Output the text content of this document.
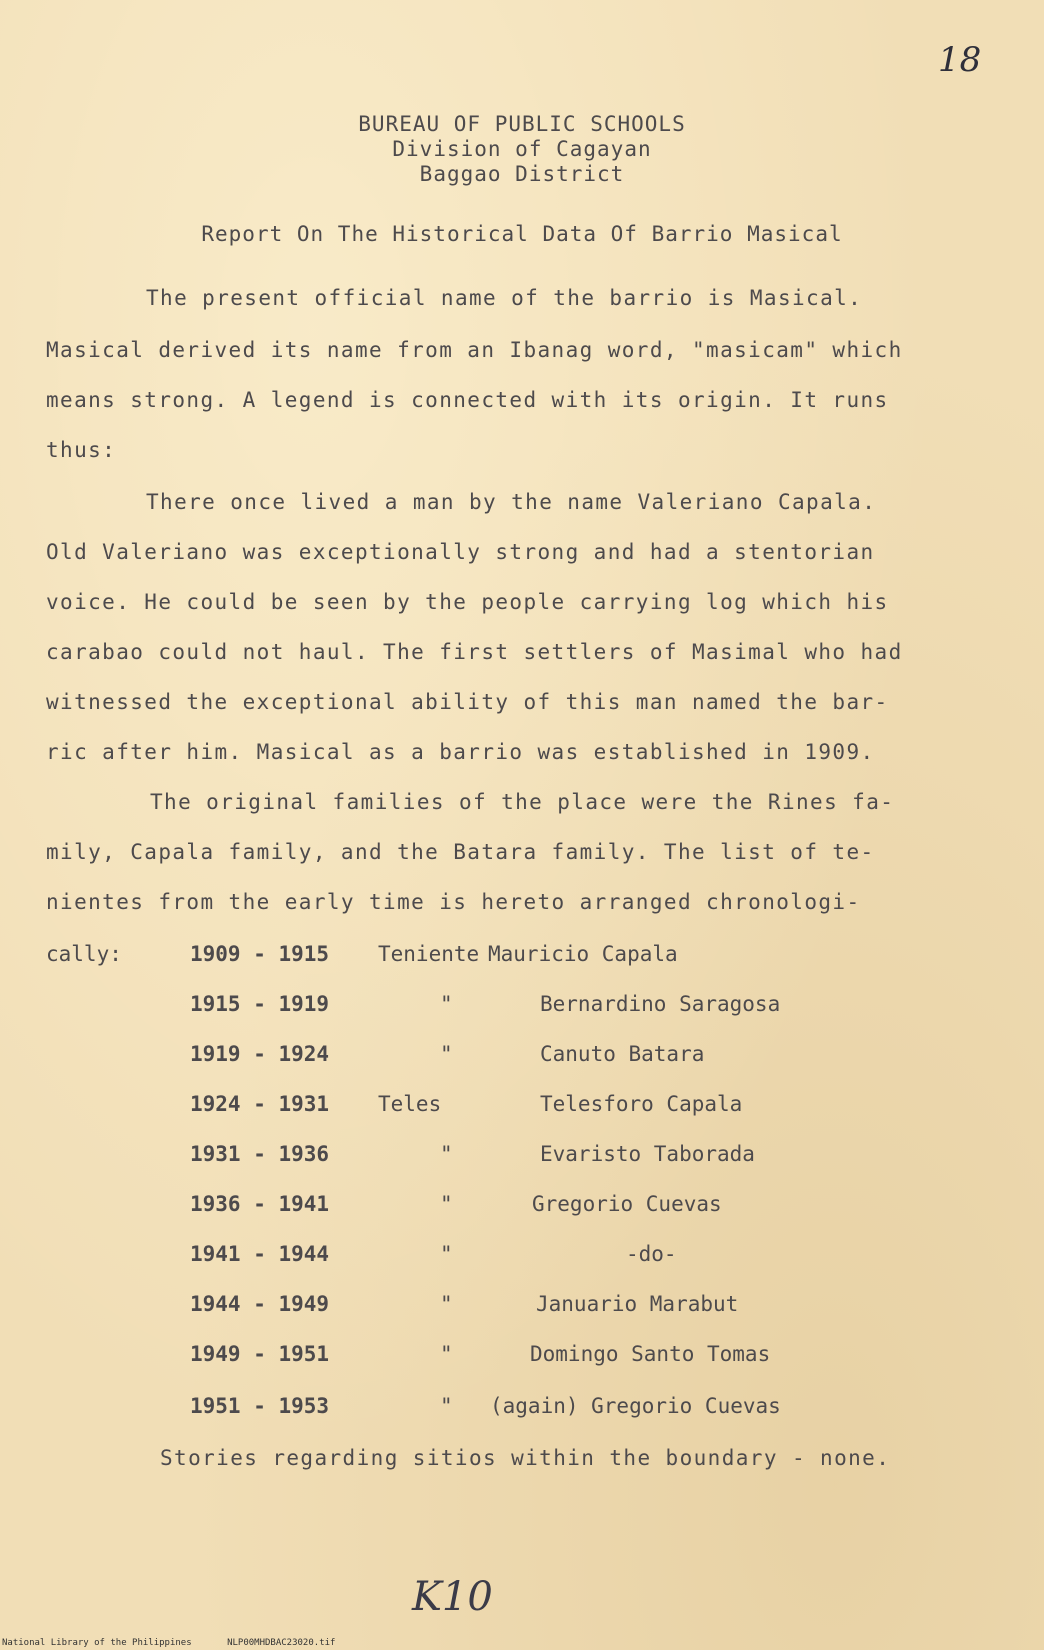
18
BUREAU OF PUBLIC SCHOOLS
Division of Cagayan
Baggao District
Report On The Historical Data Of Barrio Masical
The present official name of the barrio is Masical.
Masical derived its name from an Ibanag word, "masicam" which
means strong. A legend is connected with its origin. It runs
thus:
There once lived a man by the name Valeriano Capala.
Old Valeriano was exceptionally strong and had a stentorian
voice. He could be seen by the people carrying log which his
carabao could not haul. The first settlers of Masimal who had
witnessed the exceptional ability of this man named the bar-
ric after him. Masical as a barrio was established in 1909.
The original families of the place were the Rines fa-
mily, Capala family, and the Batara family. The list of te-
nientes from the early time is hereto arranged chronologi-
cally:	1909 - 1915 Teniente Mauricio Capala
1915 - 1919	"	Bernardino Saragosa
1919 - 1924	"	Canuto Batara
1924 - 1931 Teles	Telesforo Capala
1931 - 1936	"	Evaristo Taborada
1936 - 1941	"	Gregorio Cuevas
1941 - 1944	"	-do-
1944 - 1949	"	Januario Marabut
1949 - 1951	"	Domingo Santo Tomas
1951 - 1953	" (again) Gregorio Cuevas
Stories regarding sitios within the boundary - none.
K10
National Library of the Philippines	NLP00MHDBAC23020.tif
